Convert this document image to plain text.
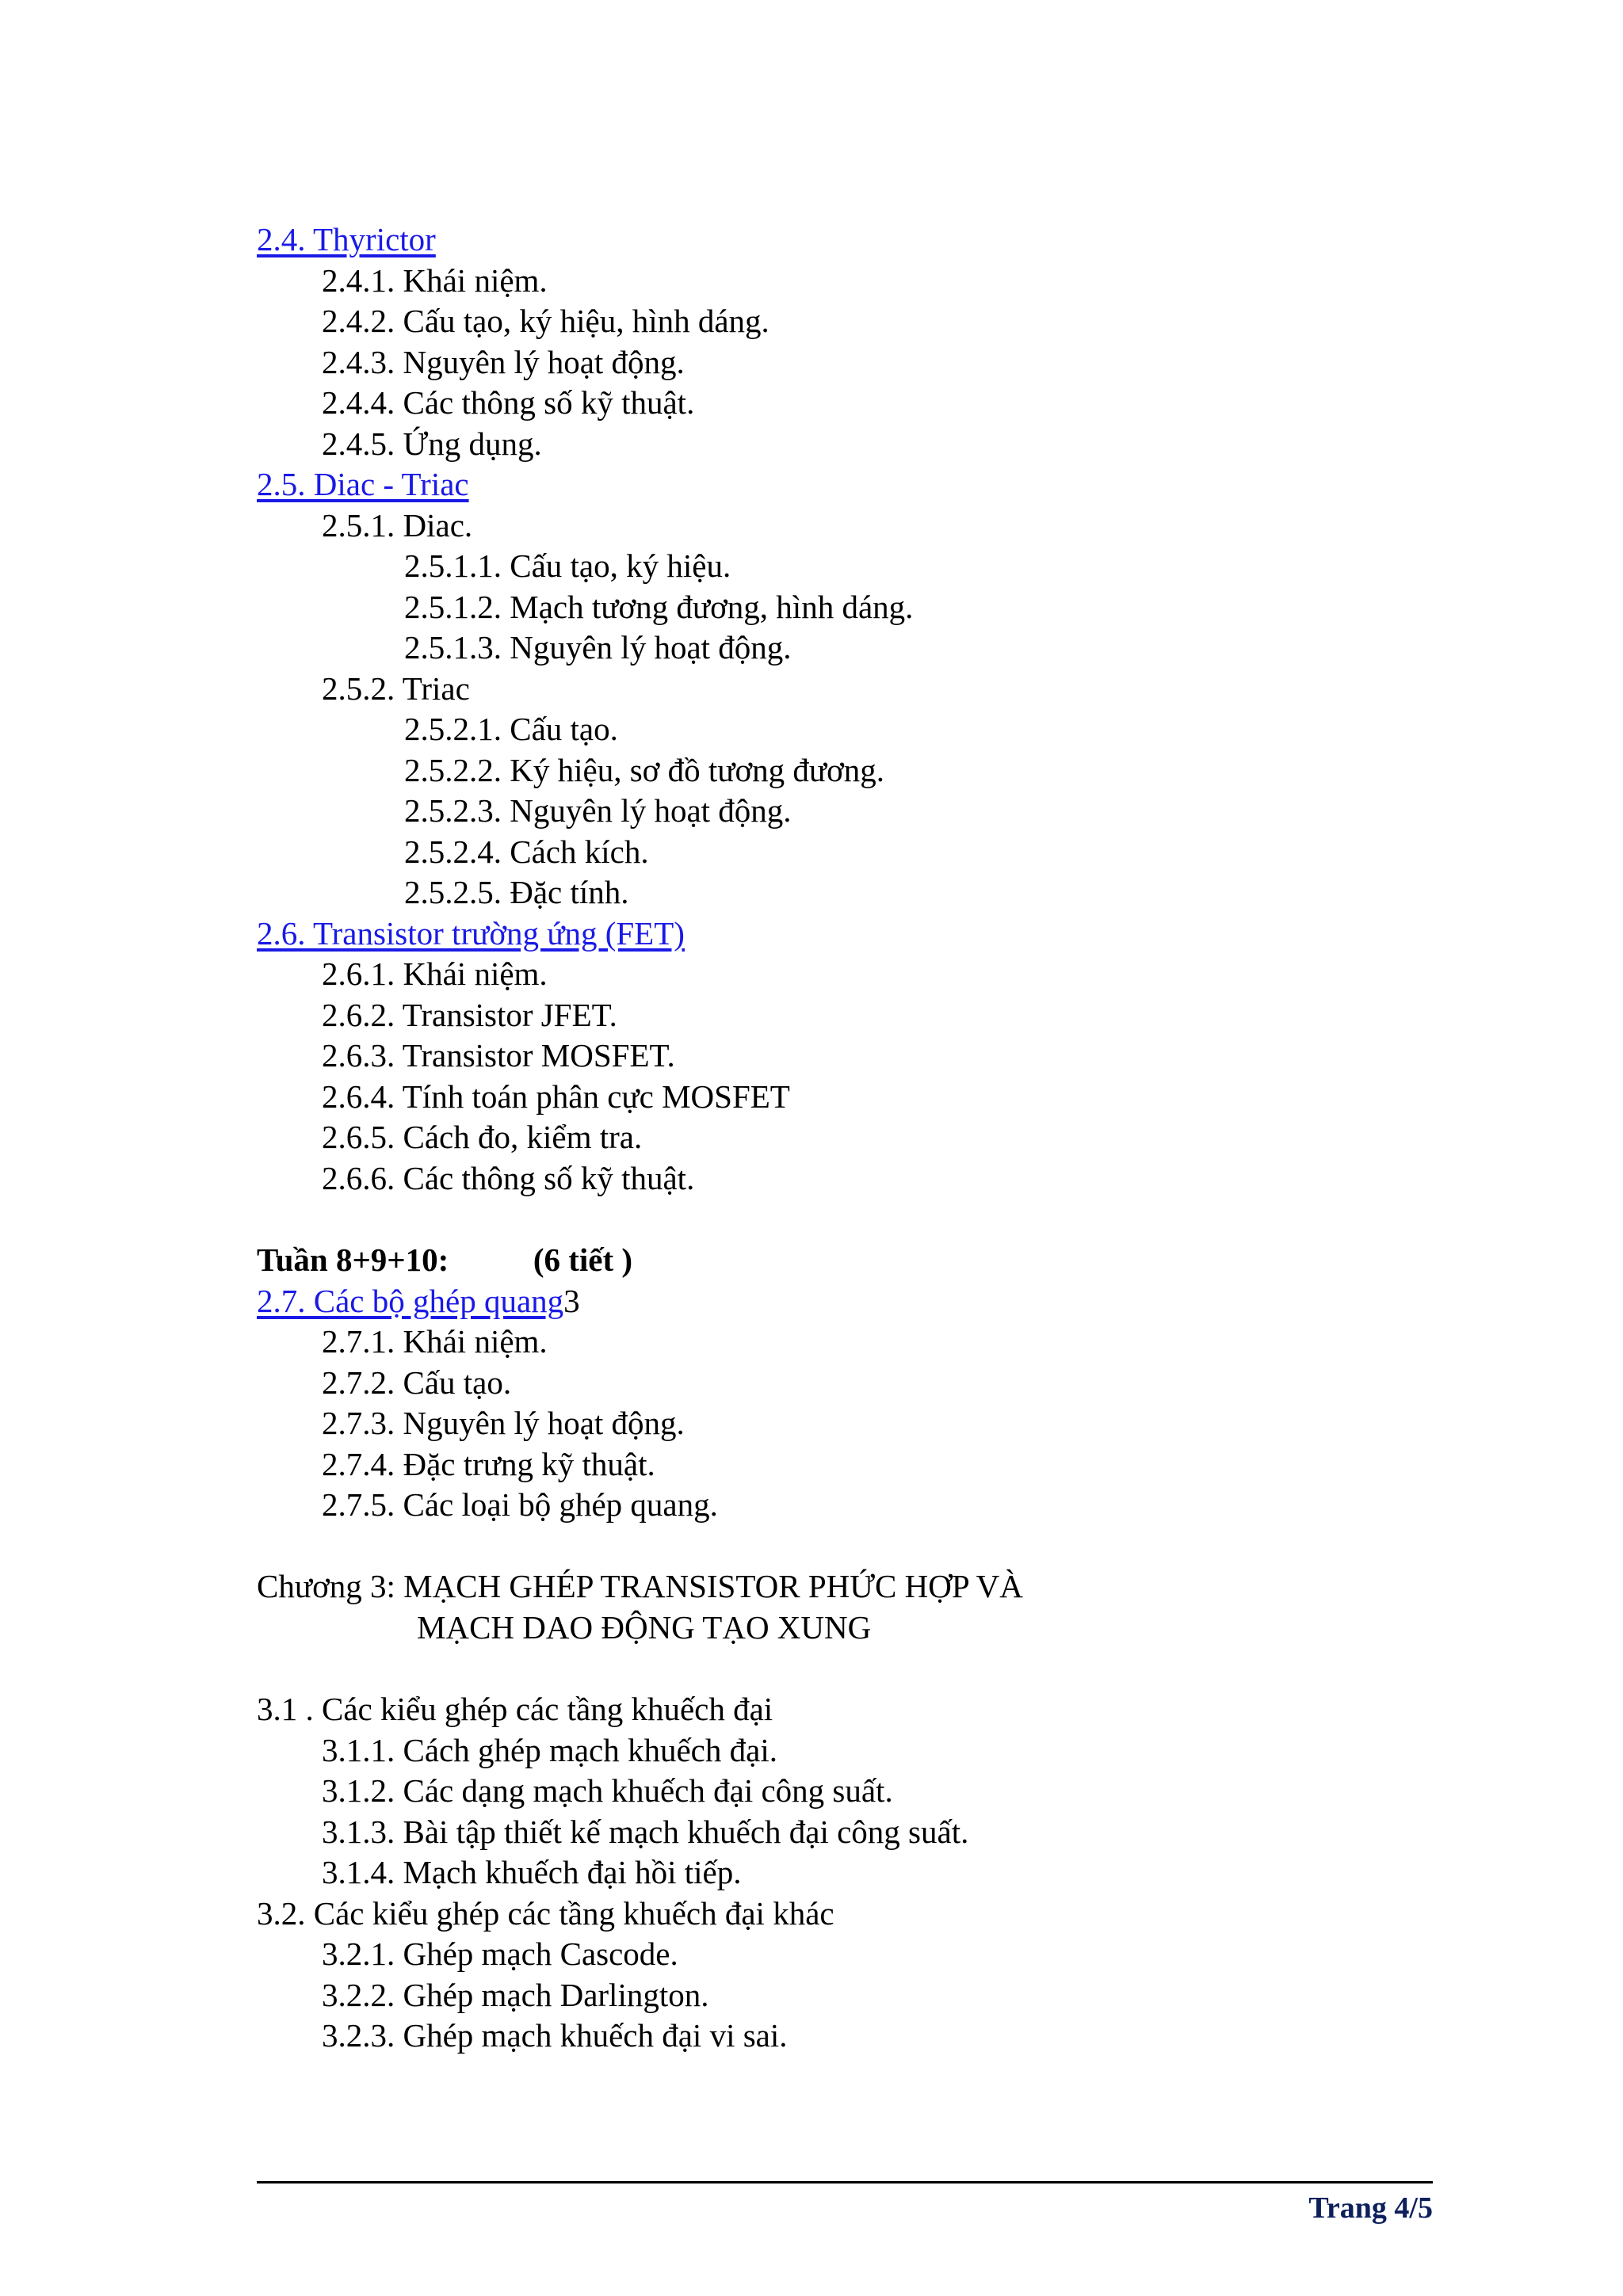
2.4. Thyrictor
2.4.1. Khái niệm.
2.4.2. Cấu tạo, ký hiệu, hình dáng.
2.4.3. Nguyên lý hoạt động.
2.4.4. Các thông số kỹ thuật.
2.4.5. Ứng dụng.
2.5. Diac - Triac
2.5.1. Diac.
2.5.1.1. Cấu tạo, ký hiệu.
2.5.1.2. Mạch tương đương, hình dáng.
2.5.1.3. Nguyên lý hoạt động.
2.5.2. Triac
2.5.2.1. Cấu tạo.
2.5.2.2. Ký hiệu, sơ đồ tương đương.
2.5.2.3. Nguyên lý hoạt động.
2.5.2.4. Cách kích.
2.5.2.5. Đặc tính.
2.6. Transistor trường ứng (FET)
2.6.1. Khái niệm.
2.6.2. Transistor JFET.
2.6.3. Transistor MOSFET.
2.6.4. Tính toán phân cực MOSFET
2.6.5. Cách đo, kiểm tra.
2.6.6. Các thông số kỹ thuật.
Tuần 8+9+10:	(6 tiết )
2.7. Các bộ ghép quang3
2.7.1. Khái niệm.
2.7.2. Cấu tạo.
2.7.3. Nguyên lý hoạt động.
2.7.4. Đặc trưng kỹ thuật.
2.7.5. Các loại bộ ghép quang.
Chương 3: MẠCH GHÉP TRANSISTOR PHỨC HỢP VÀ
MẠCH DAO ĐỘNG TẠO XUNG
3.1 . Các kiểu ghép các tầng khuếch đại
3.1.1. Cách ghép mạch khuếch đại.
3.1.2. Các dạng mạch khuếch đại công suất.
3.1.3. Bài tập thiết kế mạch khuếch đại công suất.
3.1.4. Mạch khuếch đại hồi tiếp.
3.2. Các kiểu ghép các tầng khuếch đại khác
3.2.1. Ghép mạch Cascode.
3.2.2. Ghép mạch Darlington.
3.2.3. Ghép mạch khuếch đại vi sai.
Trang 4/5
